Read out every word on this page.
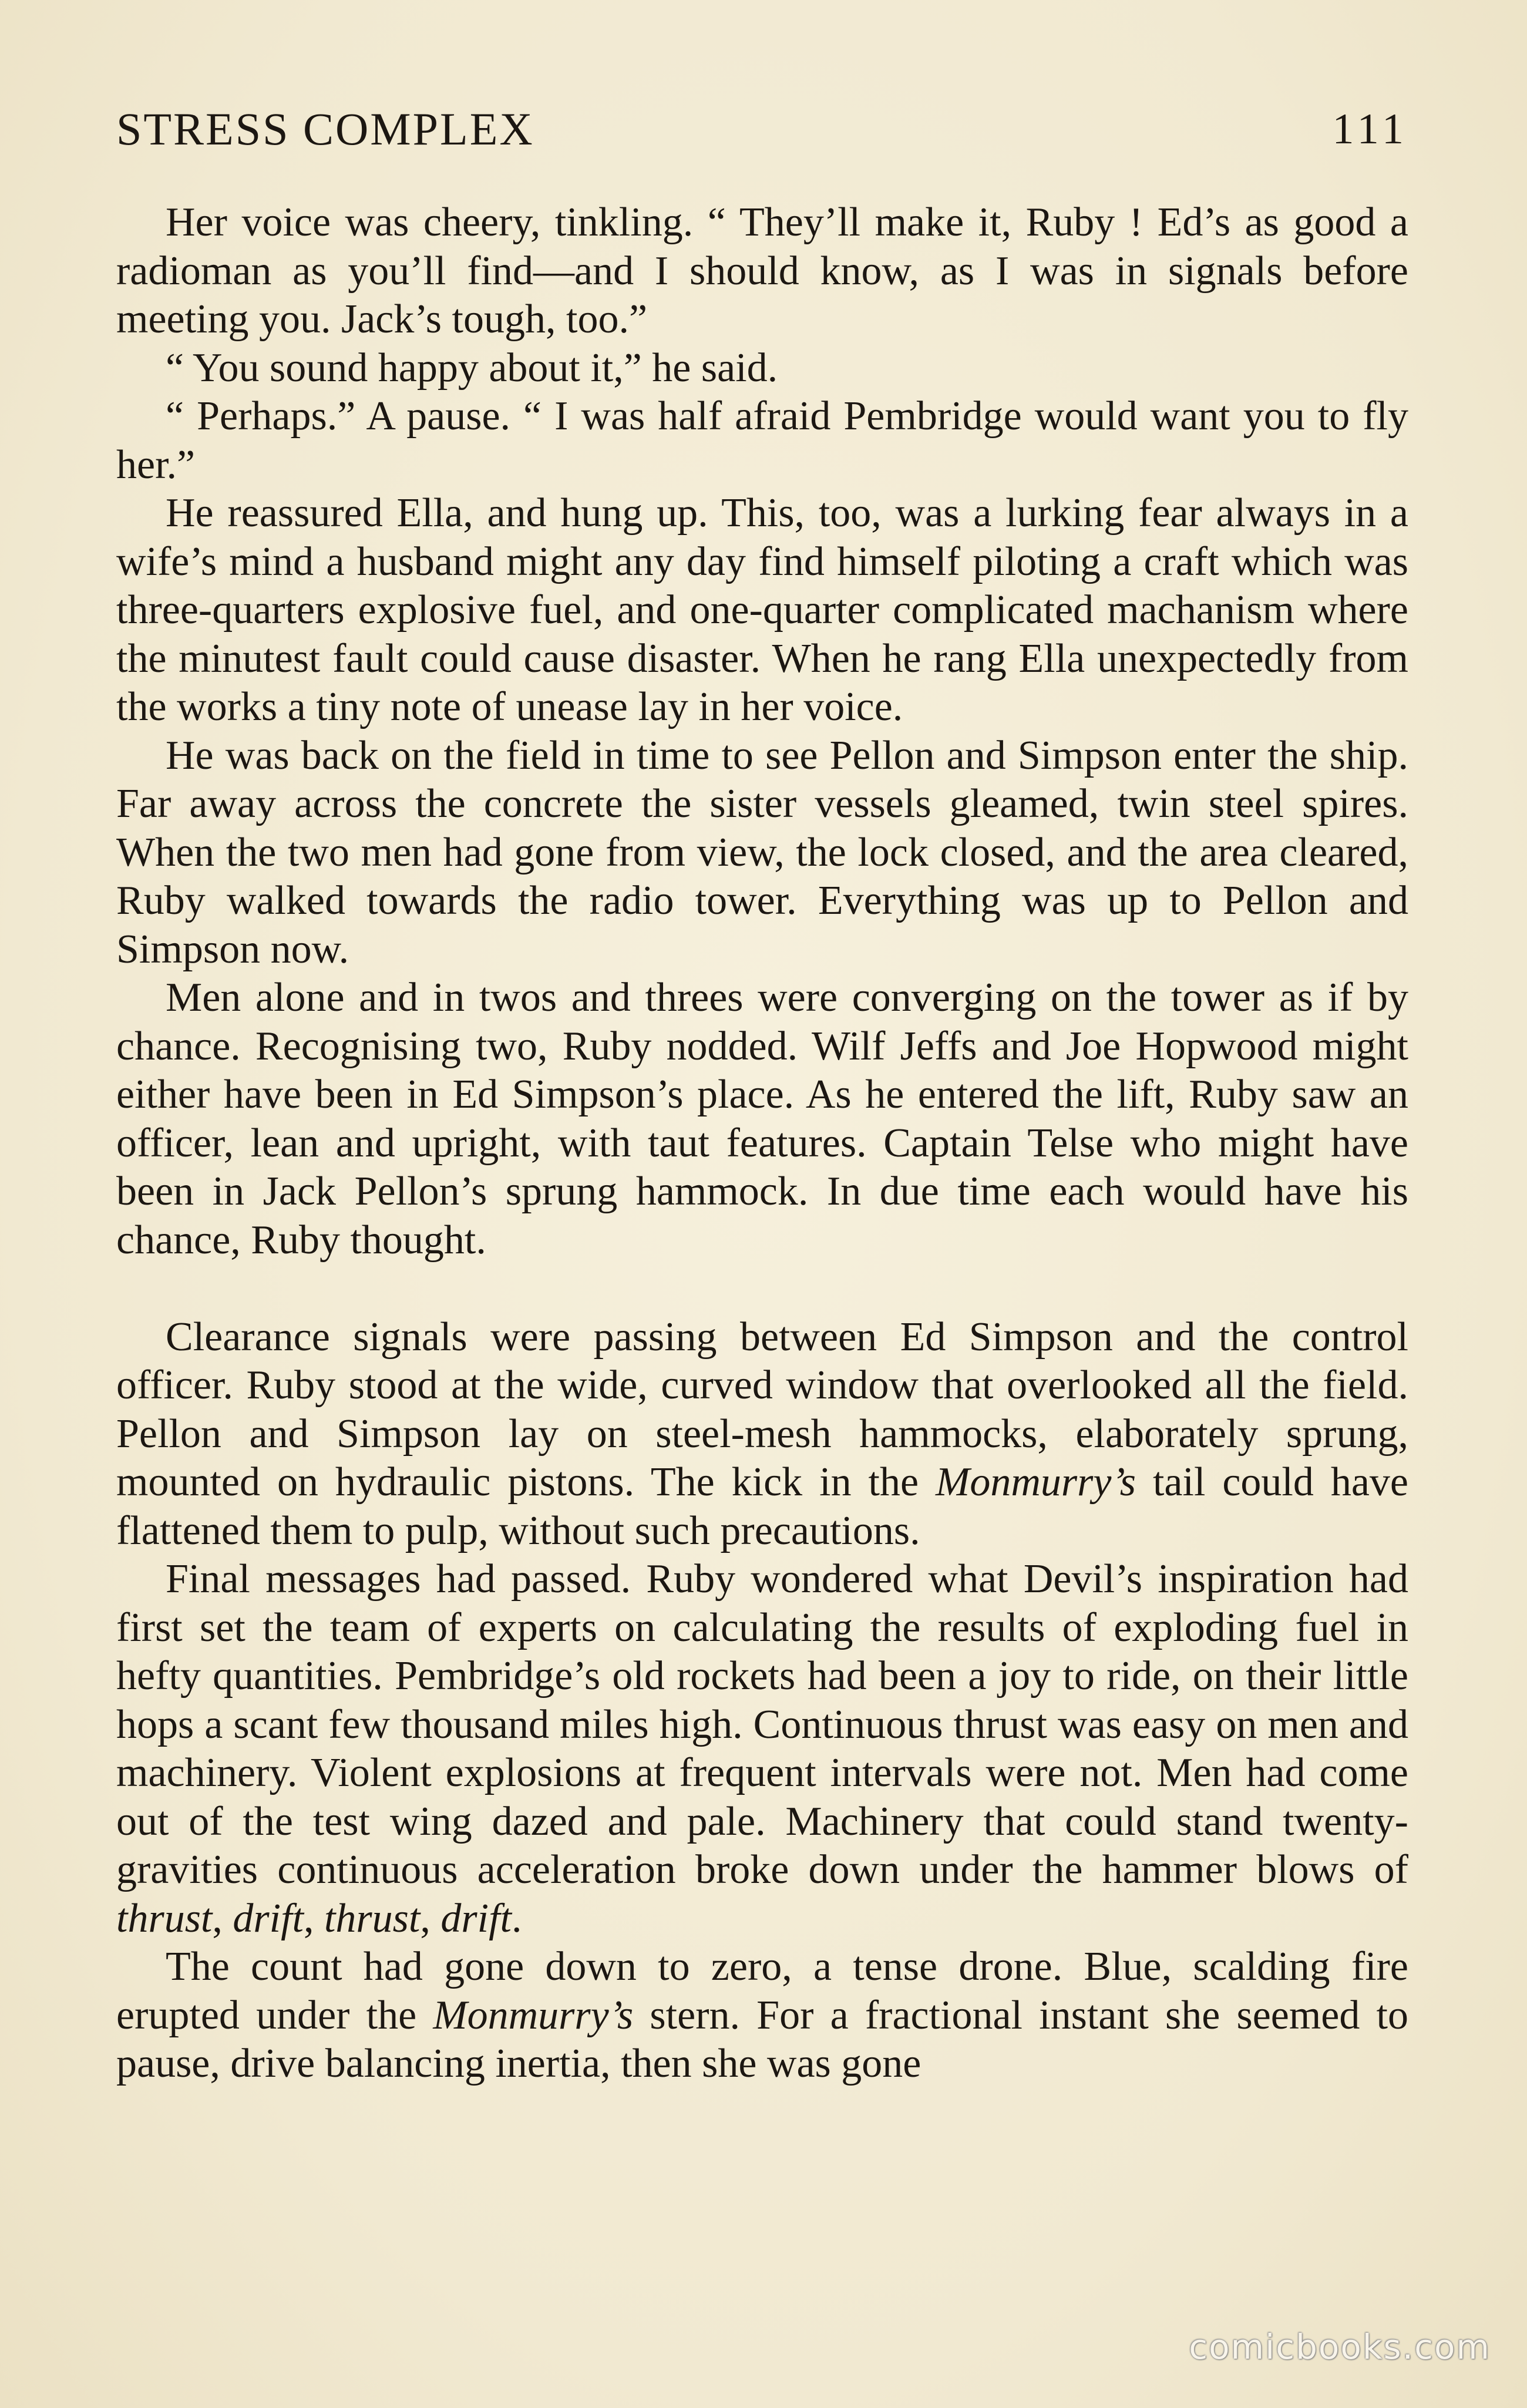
STRESS COMPLEX	111

Her voice was cheery, tinkling. “ They’ll make it, Ruby ! Ed’s as good a radioman as you’ll find—and I should know, as I was in signals before meeting you. Jack’s tough, too.”

“ You sound happy about it,” he said.

“ Perhaps.” A pause. “ I was half afraid Pembridge would want you to fly her.”

He reassured Ella, and hung up. This, too, was a lurking fear always in a wife’s mind a husband might any day find himself piloting a craft which was three-quarters explosive fuel, and one-quarter complicated machanism where the minutest fault could cause disaster. When he rang Ella unexpectedly from the works a tiny note of unease lay in her voice.

He was back on the field in time to see Pellon and Simpson enter the ship. Far away across the concrete the sister vessels gleamed, twin steel spires. When the two men had gone from view, the lock closed, and the area cleared, Ruby walked towards the radio tower. Everything was up to Pellon and Simpson now.

Men alone and in twos and threes were converging on the tower as if by chance. Recognising two, Ruby nodded. Wilf Jeffs and Joe Hopwood might either have been in Ed Simpson’s place. As he entered the lift, Ruby saw an officer, lean and upright, with taut features. Captain Telse who might have been in Jack Pellon’s sprung hammock. In due time each would have his chance, Ruby thought.

Clearance signals were passing between Ed Simpson and the control officer. Ruby stood at the wide, curved window that overlooked all the field. Pellon and Simpson lay on steel-mesh hammocks, elaborately sprung, mounted on hydraulic pistons. The kick in the Monmurry’s tail could have flattened them to pulp, without such precautions.

Final messages had passed. Ruby wondered what Devil’s inspiration had first set the team of experts on calculating the results of exploding fuel in hefty quantities. Pembridge’s old rockets had been a joy to ride, on their little hops a scant few thousand miles high. Continuous thrust was easy on men and machinery. Violent explosions at frequent intervals were not. Men had come out of the test wing dazed and pale. Machinery that could stand twenty-gravities continuous acceleration broke down under the hammer blows of thrust, drift, thrust, drift.

The count had gone down to zero, a tense drone. Blue, scalding fire erupted under the Monmurry’s stern. For a fractional instant she seemed to pause, drive balancing inertia, then she was gone

comicbooks.com
